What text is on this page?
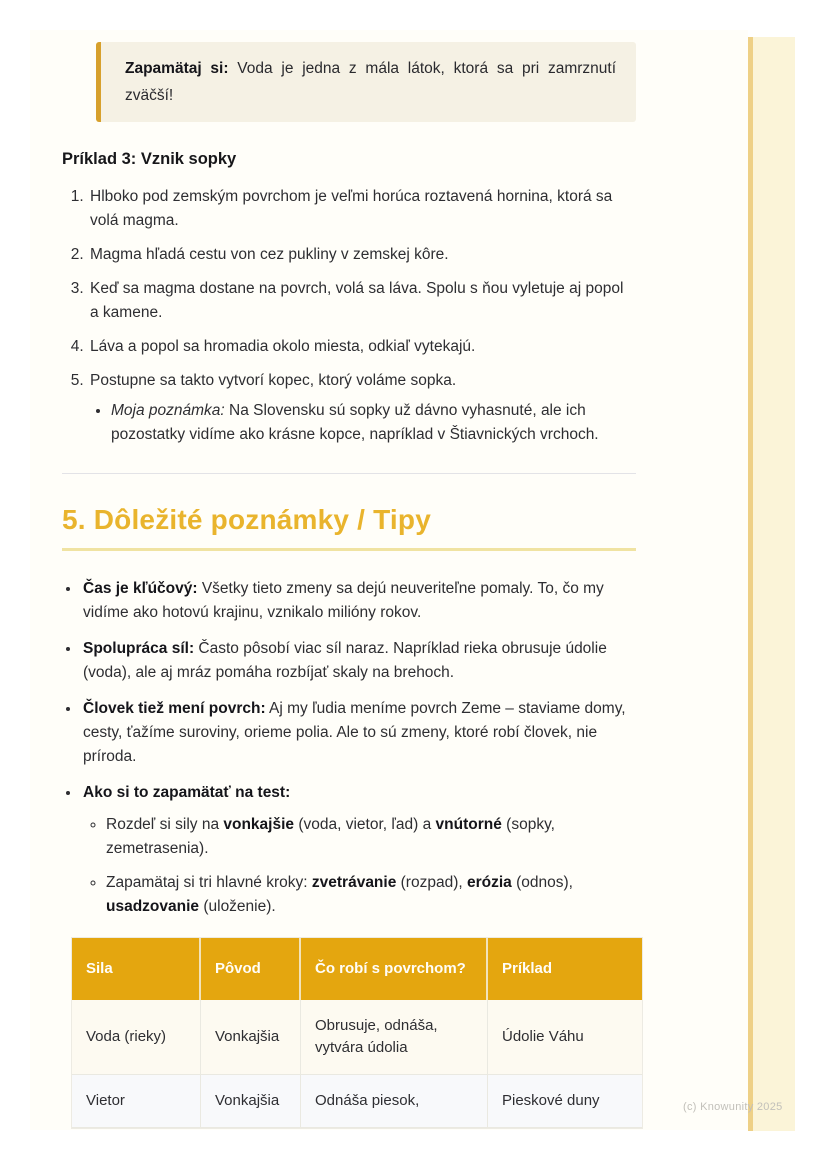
Zapamätaj si: Voda je jedna z mála látok, ktorá sa pri zamrznutí zväčší!
Príklad 3: Vznik sopky
1. Hlboko pod zemským povrchom je veľmi horúca roztavená hornina, ktorá sa volá magma.
2. Magma hľadá cestu von cez pukliny v zemskej kôre.
3. Keď sa magma dostane na povrch, volá sa láva. Spolu s ňou vyletuje aj popol a kamene.
4. Láva a popol sa hromadia okolo miesta, odkiaľ vytekajú.
5. Postupne sa takto vytvorí kopec, ktorý voláme sopka.
• Moja poznámka: Na Slovensku sú sopky už dávno vyhasnuté, ale ich pozostatky vidíme ako krásne kopce, napríklad v Štiavnických vrchoch.
5. Dôležité poznámky / Tipy
• Čas je kľúčový: Všetky tieto zmeny sa dejú neuveriteľne pomaly. To, čo my vidíme ako hotovú krajinu, vznikalo milióny rokov.
• Spolupráca síl: Často pôsobí viac síl naraz. Napríklad rieka obrusuje údolie (voda), ale aj mráz pomáha rozbíjať skaly na brehoch.
• Človek tiež mení povrch: Aj my ľudia meníme povrch Zeme – staviame domy, cesty, ťažíme suroviny, orieme polia. Ale to sú zmeny, ktoré robí človek, nie príroda.
• Ako si to zapamätať na test:
◦ Rozdeľ si sily na vonkajšie (voda, vietor, ľad) a vnútorné (sopky, zemetrasenia).
◦ Zapamätaj si tri hlavné kroky: zvetrávanie (rozpad), erózia (odnos), usadzovanie (uloženie).
Sila	Pôvod	Čo robí s povrchom?	Príklad
Voda (rieky)	Vonkajšia	Obrusuje, odnáša, vytvára údolia	Údolie Váhu
Vietor	Vonkajšia	Odnáša piesok,	Pieskové duny	(c) Knowunity 2025
